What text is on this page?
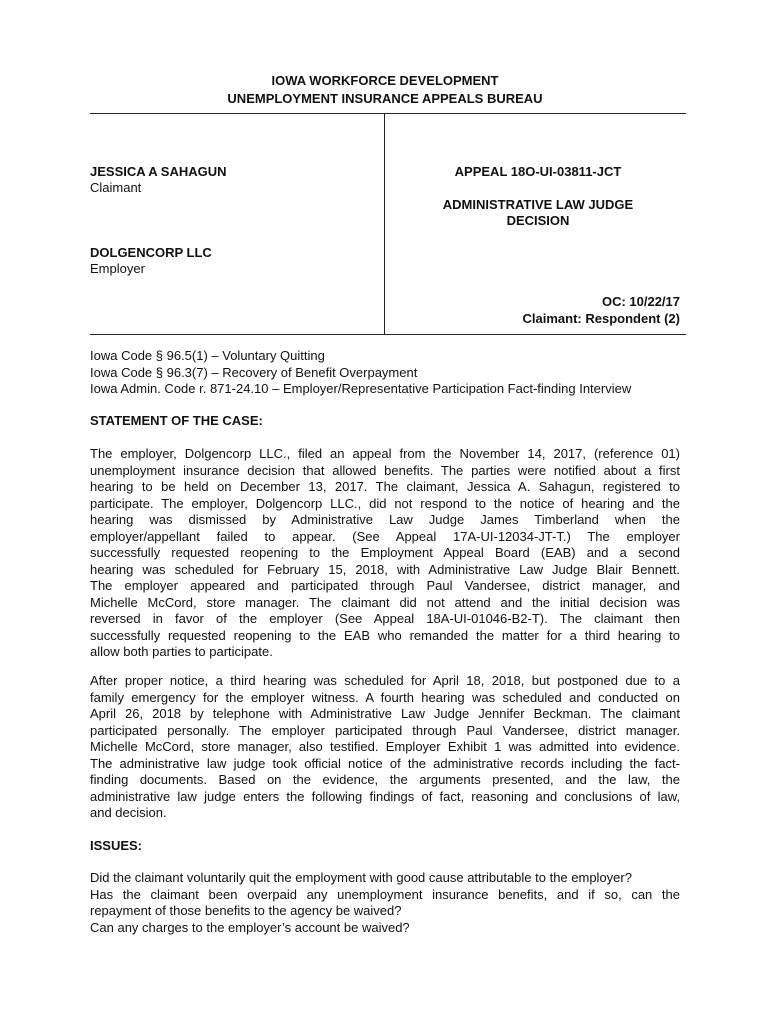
IOWA WORKFORCE DEVELOPMENT
UNEMPLOYMENT INSURANCE APPEALS BUREAU
JESSICA A SAHAGUN
Claimant
DOLGENCORP LLC
Employer
APPEAL 18O-UI-03811-JCT
ADMINISTRATIVE LAW JUDGE
DECISION
OC: 10/22/17
Claimant: Respondent (2)
Iowa Code § 96.5(1) – Voluntary Quitting
Iowa Code § 96.3(7) – Recovery of Benefit Overpayment
Iowa Admin. Code r. 871-24.10 – Employer/Representative Participation Fact-finding Interview
STATEMENT OF THE CASE:
The employer, Dolgencorp LLC., filed an appeal from the November 14, 2017, (reference 01)
unemployment insurance decision that allowed benefits. The parties were notified about a first
hearing to be held on December 13, 2017. The claimant, Jessica A. Sahagun, registered to
participate. The employer, Dolgencorp LLC., did not respond to the notice of hearing and the
hearing was dismissed by Administrative Law Judge James Timberland when the
employer/appellant failed to appear. (See Appeal 17A-UI-12034-JT-T.) The employer
successfully requested reopening to the Employment Appeal Board (EAB) and a second
hearing was scheduled for February 15, 2018, with Administrative Law Judge Blair Bennett.
The employer appeared and participated through Paul Vandersee, district manager, and
Michelle McCord, store manager. The claimant did not attend and the initial decision was
reversed in favor of the employer (See Appeal 18A-UI-01046-B2-T). The claimant then
successfully requested reopening to the EAB who remanded the matter for a third hearing to
allow both parties to participate.
After proper notice, a third hearing was scheduled for April 18, 2018, but postponed due to a
family emergency for the employer witness. A fourth hearing was scheduled and conducted on
April 26, 2018 by telephone with Administrative Law Judge Jennifer Beckman. The claimant
participated personally. The employer participated through Paul Vandersee, district manager.
Michelle McCord, store manager, also testified. Employer Exhibit 1 was admitted into evidence.
The administrative law judge took official notice of the administrative records including the fact-
finding documents. Based on the evidence, the arguments presented, and the law, the
administrative law judge enters the following findings of fact, reasoning and conclusions of law,
and decision.
ISSUES:
Did the claimant voluntarily quit the employment with good cause attributable to the employer?
Has the claimant been overpaid any unemployment insurance benefits, and if so, can the
repayment of those benefits to the agency be waived?
Can any charges to the employer’s account be waived?
